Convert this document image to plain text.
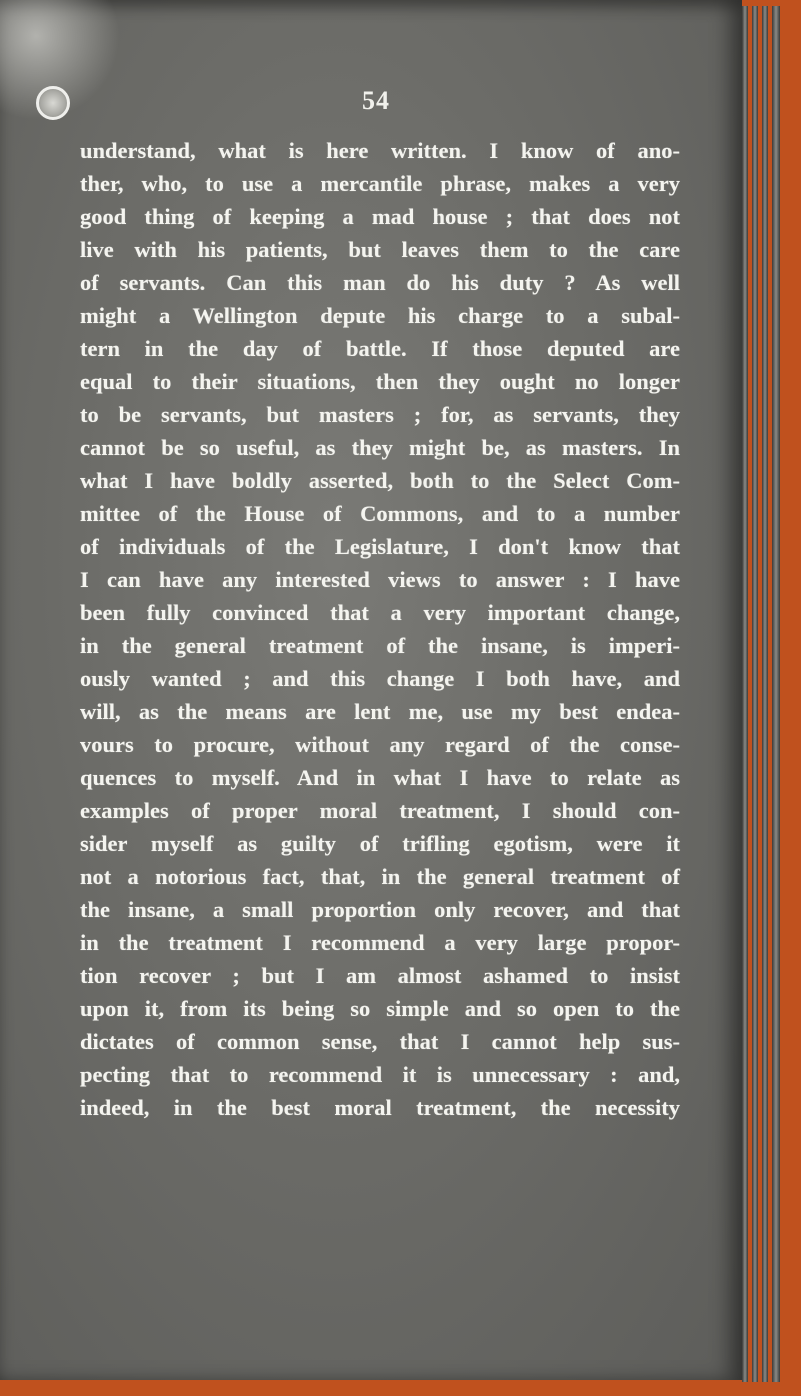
54
understand, what is here written. I know of ano-
ther, who, to use a mercantile phrase, makes a very
good thing of keeping a mad house ; that does not
live with his patients, but leaves them to the care
of servants. Can this man do his duty ? As well
might a Wellington depute his charge to a subal-
tern in the day of battle. If those deputed are
equal to their situations, then they ought no longer
to be servants, but masters ; for, as servants, they
cannot be so useful, as they might be, as masters. In
what I have boldly asserted, both to the Select Com-
mittee of the House of Commons, and to a number
of individuals of the Legislature, I don't know that
I can have any interested views to answer : I have
been fully convinced that a very important change,
in the general treatment of the insane, is imperi-
ously wanted ; and this change I both have, and
will, as the means are lent me, use my best endea-
vours to procure, without any regard of the conse-
quences to myself. And in what I have to relate as
examples of proper moral treatment, I should con-
sider myself as guilty of trifling egotism, were it
not a notorious fact, that, in the general treatment of
the insane, a small proportion only recover, and that
in the treatment I recommend a very large propor-
tion recover ; but I am almost ashamed to insist
upon it, from its being so simple and so open to the
dictates of common sense, that I cannot help sus-
pecting that to recommend it is unnecessary : and,
indeed, in the best moral treatment, the necessity
